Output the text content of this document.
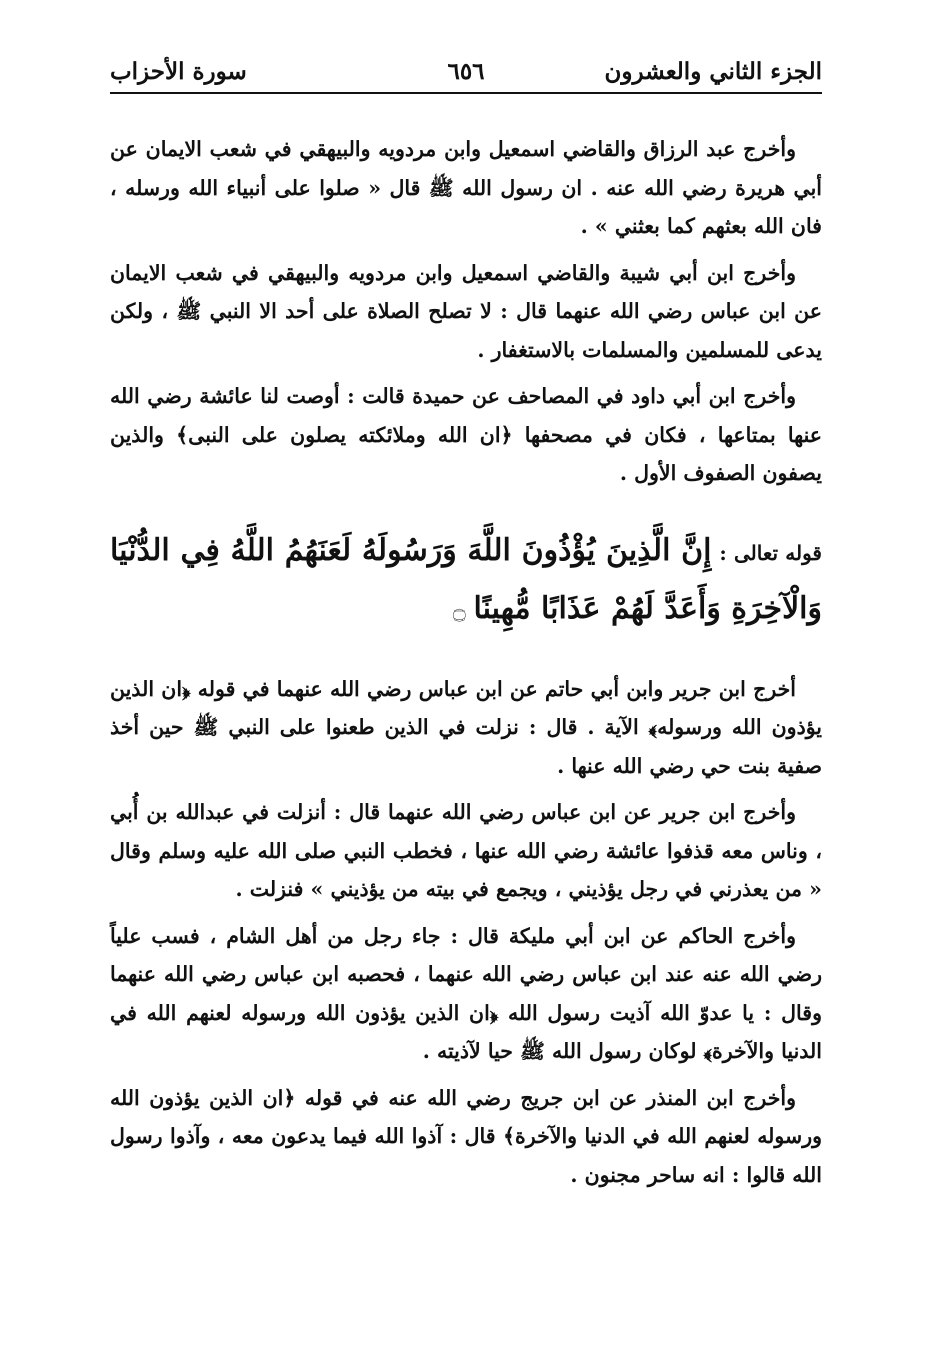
الجزء الثاني والعشرون
٦٥٦
سورة الأحزاب

وأخرج عبد الرزاق والقاضي اسمعيل وابن مردويه والبيهقي في شعب الايمان عن أبي هريرة رضي الله عنه . ان رسول الله ﷺ قال « صلوا على أنبياء الله ورسله ، فان الله بعثهم كما بعثني » .

وأخرج ابن أبي شيبة والقاضي اسمعيل وابن مردويه والبيهقي في شعب الايمان عن ابن عباس رضي الله عنهما قال : لا تصلح الصلاة على أحد الا النبي ﷺ ، ولكن يدعى للمسلمين والمسلمات بالاستغفار .

وأخرج ابن أبي داود في المصاحف عن حميدة قالت : أوصت لنا عائشة رضي الله عنها بمتاعها ، فكان في مصحفها ﴿ان الله وملائكته يصلون على النبى﴾ والذين يصفون الصفوف الأول .

قوله تعالى : إِنَّ الَّذِينَ يُؤْذُونَ اللَّهَ وَرَسُولَهُ لَعَنَهُمُ اللَّهُ فِي الدُّنْيَا وَالْآخِرَةِ وَأَعَدَّ لَهُمْ عَذَابًا مُّهِينًا ۝

أخرج ابن جرير وابن أبي حاتم عن ابن عباس رضي الله عنهما في قوله ﴿ان الذين يؤذون الله ورسوله﴾ الآية . قال : نزلت في الذين طعنوا على النبي ﷺ حين أخذ صفية بنت حي رضي الله عنها .

وأخرج ابن جرير عن ابن عباس رضي الله عنهما قال : أنزلت في عبدالله بن أُبي ، وناس معه قذفوا عائشة رضي الله عنها ، فخطب النبي صلى الله عليه وسلم وقال « من يعذرني في رجل يؤذيني ، ويجمع في بيته من يؤذيني » فنزلت .

وأخرج الحاكم عن ابن أبي مليكة قال : جاء رجل من أهل الشام ، فسب علياً رضي الله عنه عند ابن عباس رضي الله عنهما ، فحصبه ابن عباس رضي الله عنهما وقال : يا عدوّ الله آذيت رسول الله ﴿ان الذين يؤذون الله ورسوله لعنهم الله في الدنيا والآخرة﴾ لوكان رسول الله ﷺ حيا لآذيته .

وأخرج ابن المنذر عن ابن جريج رضي الله عنه في قوله ﴿ان الذين يؤذون الله ورسوله لعنهم الله في الدنيا والآخرة﴾ قال : آذوا الله فيما يدعون معه ، وآذوا رسول الله قالوا : انه ساحر مجنون .
